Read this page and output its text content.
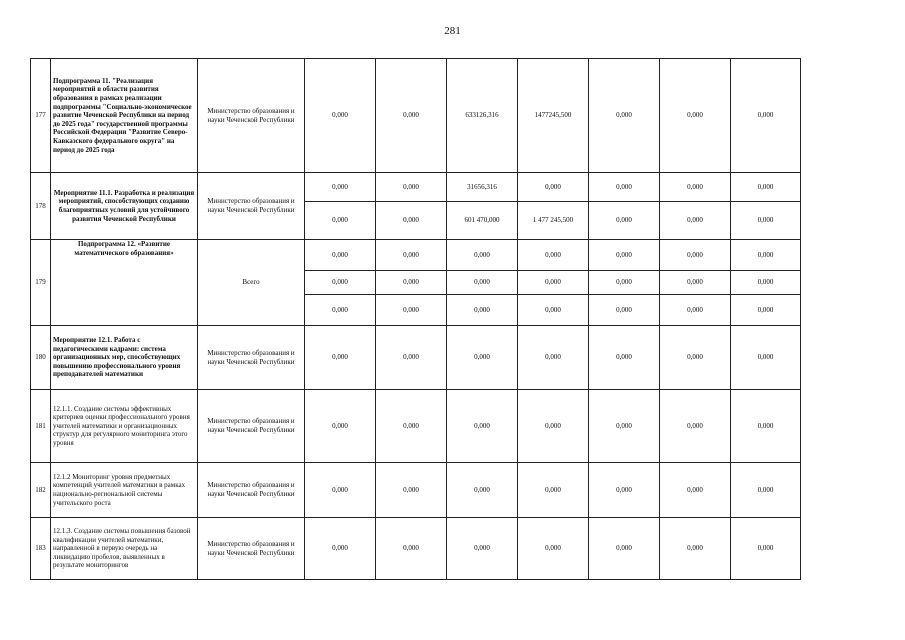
281
177	Подпрограмма 11. "Реализация мероприятий в области развития образования в рамках реализации подпрограммы "Социально-экономическое развитие Чеченской Республики на период до 2025 года" государственной программы Российской Федерации "Развитие Северо-Кавказского федерального округа" на период до 2025 года	Министерство образования и науки Чеченской Республики	0,000	0,000	633126,316	1477245,500	0,000	0,000	0,000
178	Мероприятие 11.1. Разработка и реализация мероприятий, способствующих созданию благоприятных условий для устойчивого развития Чеченской Республики	Министерство образования и науки Чеченской Республики	0,000	0,000	31656,316	0,000	0,000	0,000	0,000
			0,000	0,000	601 470,000	1 477 245,500	0,000	0,000	0,000
179	Подпрограмма 12. «Развитие математического образования»	Всего	0,000	0,000	0,000	0,000	0,000	0,000	0,000
			0,000	0,000	0,000	0,000	0,000	0,000	0,000
			0,000	0,000	0,000	0,000	0,000	0,000	0,000
180	Мероприятие 12.1. Работа с педагогическими кадрами: система организационных мер, способствующих повышению профессионального уровня преподавателей математики	Министерство образования и науки Чеченской Республики	0,000	0,000	0,000	0,000	0,000	0,000	0,000
181	12.1.1. Создание системы эффективных критериев оценки профессионального уровня учителей математики и организационных структур для регулярного мониторинга этого уровня	Министерство образования и науки Чеченской Республики	0,000	0,000	0,000	0,000	0,000	0,000	0,000
182	12.1.2 Мониторинг уровня предметных компетенций учителей математики в рамках национально-региональной системы учительского роста	Министерство образования и науки Чеченской Республики	0,000	0,000	0,000	0,000	0,000	0,000	0,000
183	12.1.3. Создание системы повышения базовой квалификации учителей математики, направленной в первую очередь на ликвидацию пробелов, выявленных в результате мониторингов	Министерство образования и науки Чеченской Республики	0,000	0,000	0,000	0,000	0,000	0,000	0,000
